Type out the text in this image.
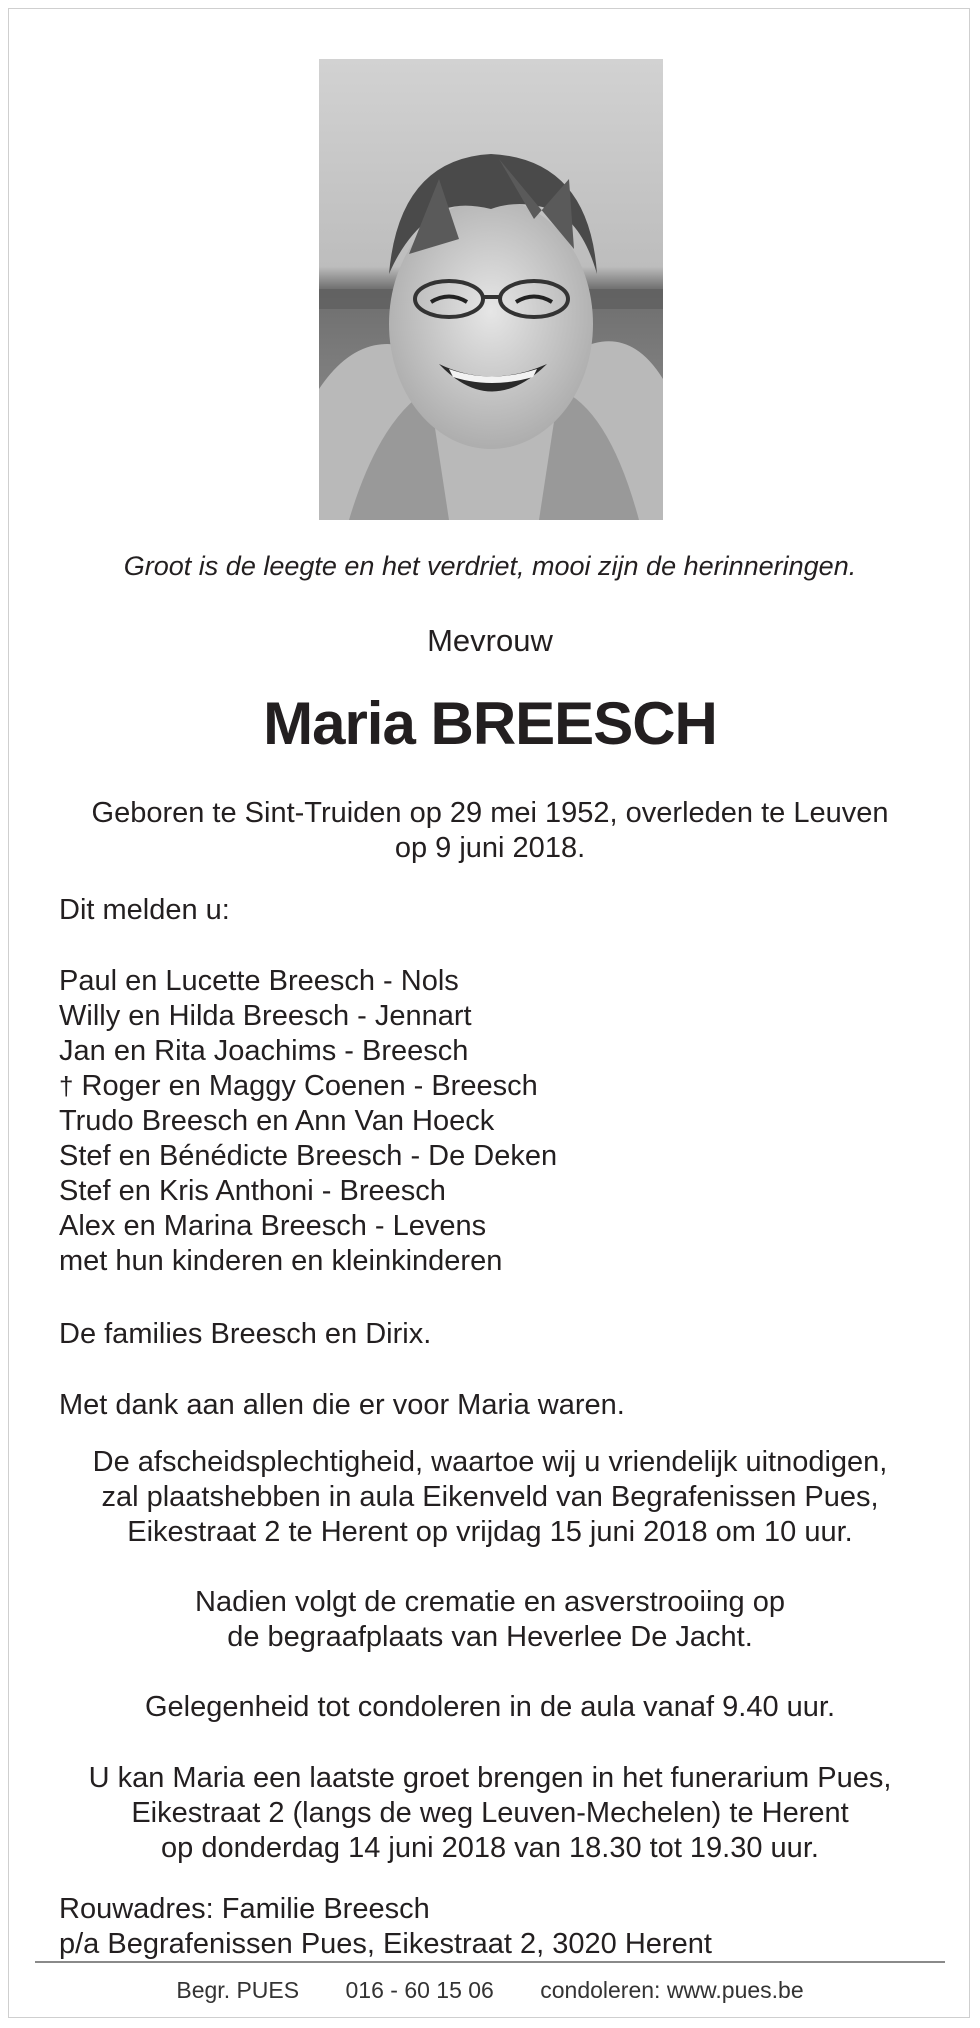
Groot is de leegte en het verdriet, mooi zijn de herinneringen.
Mevrouw
Maria BREESCH
Geboren te Sint-Truiden op 29 mei 1952, overleden te Leuven
op 9 juni 2018.
Dit melden u:
Paul en Lucette Breesch - Nols
Willy en Hilda Breesch - Jennart
Jan en Rita Joachims - Breesch
† Roger en Maggy Coenen - Breesch
Trudo Breesch en Ann Van Hoeck
Stef en Bénédicte Breesch - De Deken
Stef en Kris Anthoni - Breesch
Alex en Marina Breesch - Levens
met hun kinderen en kleinkinderen
De families Breesch en Dirix.
Met dank aan allen die er voor Maria waren.
De afscheidsplechtigheid, waartoe wij u vriendelijk uitnodigen,
zal plaatshebben in aula Eikenveld van Begrafenissen Pues,
Eikestraat 2 te Herent op vrijdag 15 juni 2018 om 10 uur.
Nadien volgt de crematie en asverstrooiing op
de begraafplaats van Heverlee De Jacht.
Gelegenheid tot condoleren in de aula vanaf 9.40 uur.
U kan Maria een laatste groet brengen in het funerarium Pues,
Eikestraat 2 (langs de weg Leuven-Mechelen) te Herent
op donderdag 14 juni 2018 van 18.30 tot 19.30 uur.
Rouwadres: Familie Breesch
p/a Begrafenissen Pues, Eikestraat 2, 3020 Herent
Begr. PUES 016 - 60 15 06 condoleren: www.pues.be
